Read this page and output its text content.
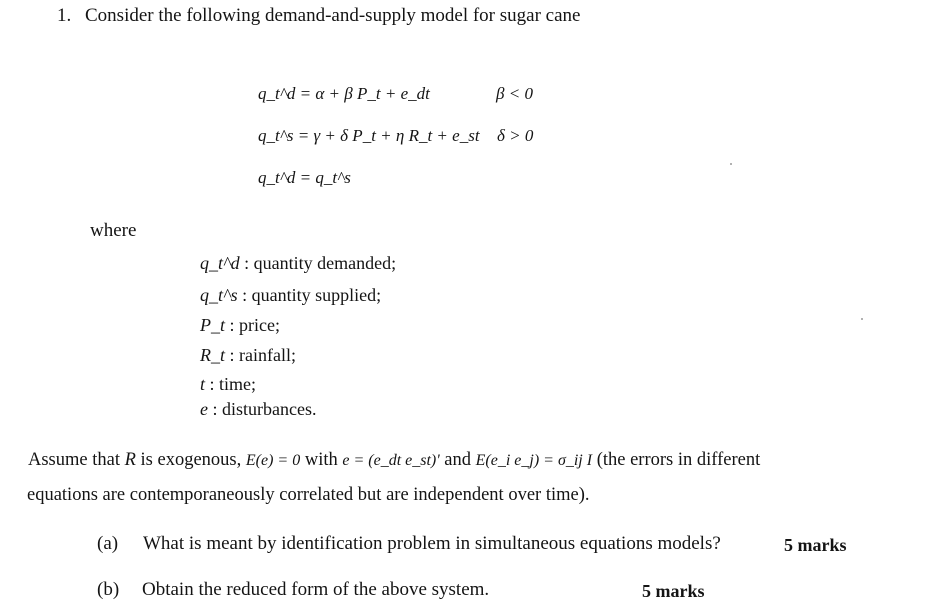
1. Consider the following demand-and-supply model for sugar cane
q_t^d = α + β P_t + e_dt	β < 0
q_t^s = γ + δ P_t + η R_t + e_st δ > 0
q_t^d = q_t^s
where
q_t^d : quantity demanded;
q_t^s : quantity supplied;
P_t : price;
R_t : rainfall;
t : time;
e : disturbances.
Assume that R is exogenous, E(e) = 0 with e = (e_dt e_st)' and E(e_i e_j) = σ_ij I (the errors in different
equations are contemporaneously correlated but are independent over time).
(a) What is meant by identification problem in simultaneous equations models?	5 marks
(b) Obtain the reduced form of the above system.	5 marks
